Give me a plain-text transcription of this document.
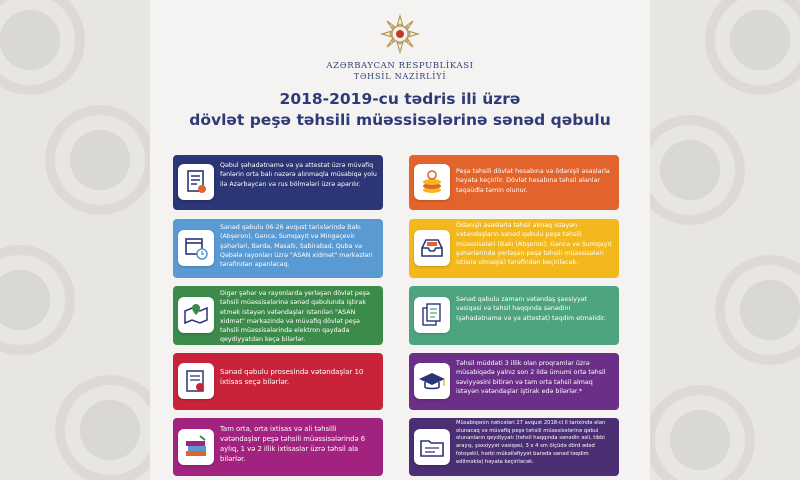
AZƏRBAYCAN RESPUBLİKASI
TƏHSİL NAZİRLİYİ
2018-2019-cu tədris ili üzrə
dövlət peşə təhsili müəssisələrinə sənəd qəbulu
Qəbul şəhadətnamə və ya attestat üzrə müvafiq fənlərin orta balı nəzərə alınmaqla müsabiqə yolu ilə Azərbaycan və rus bölmələri üzrə aparılır.
Peşə təhsili dövlət hesabına və ödənişli əsaslarla həyata keçirilir. Dövlət hesabına təhsil alanlar təqaüdlə təmin olunur.
Sənəd qəbulu 06-26 avqust tarixlərində Bakı (Abşeron), Gəncə, Sumqayıt və Mingəçevir şəhərləri, Bərdə, Masallı, Sabirabad, Quba və Qəbələ rayonları üzrə "ASAN xidmət" mərkəzləri tərəfindən aparılacaq.
Ödənişli əsaslarla təhsil almaq istəyən vətəndaşların sənəd qəbulu peşə təhsili müəssisələri (Bakı (Abşeron), Gəncə və Sumqayıt şəhərlərində yerləşən peşə təhsili müəssisələri istisna olmaqla) tərəfindən keçiriləcək.
Digər şəhər və rayonlarda yerləşən dövlət peşə təhsili müəssisələrinə sənəd qəbulunda iştirak etmək istəyən vətəndaşlar istənilən "ASAN xidmət" mərkəzində və müvafiq dövlət peşə təhsili müəssisələrində elektron qaydada qeydiyyatdan keçə bilərlər.
Sənəd qəbulu zamanı vətəndaş şəxsiyyət vəsiqəsi və təhsil haqqında sənədini (şəhadətnamə və ya attestat) təqdim etməlidir.
Sənəd qəbulu prosesində vətəndaşlar 10 ixtisas seçə bilərlər.
Təhsil müddəti 3 illik olan proqramlar üzrə müsabiqədə yalnız son 2 ildə ümumi orta təhsil səviyyəsini bitirən və tam orta təhsil almaq istəyən vətəndaşlar iştirak edə bilərlər.*
Tam orta, orta ixtisas və ali təhsilli vətəndaşlar peşə təhsili müəssisələrində 6 aylıq, 1 və 2 illik ixtisaslar üzrə təhsil ala bilərlər.
Müsabiqənin nəticələri 27 avqust 2018-ci il tarixində elan olunacaq və müvafiq peşə təhsili müəssisələrinə qəbul olunanların qeydiyyatı (təhsil haqqında sənədin əsli, tibbi arayış, şəxsiyyət vəsiqəsi, 3 x 4 sm ölçüdə dörd ədəd fotoşəkil, hərbi mükəlləfiyyət barədə sənəd təqdim edilməklə) həyata keçiriləcək.
